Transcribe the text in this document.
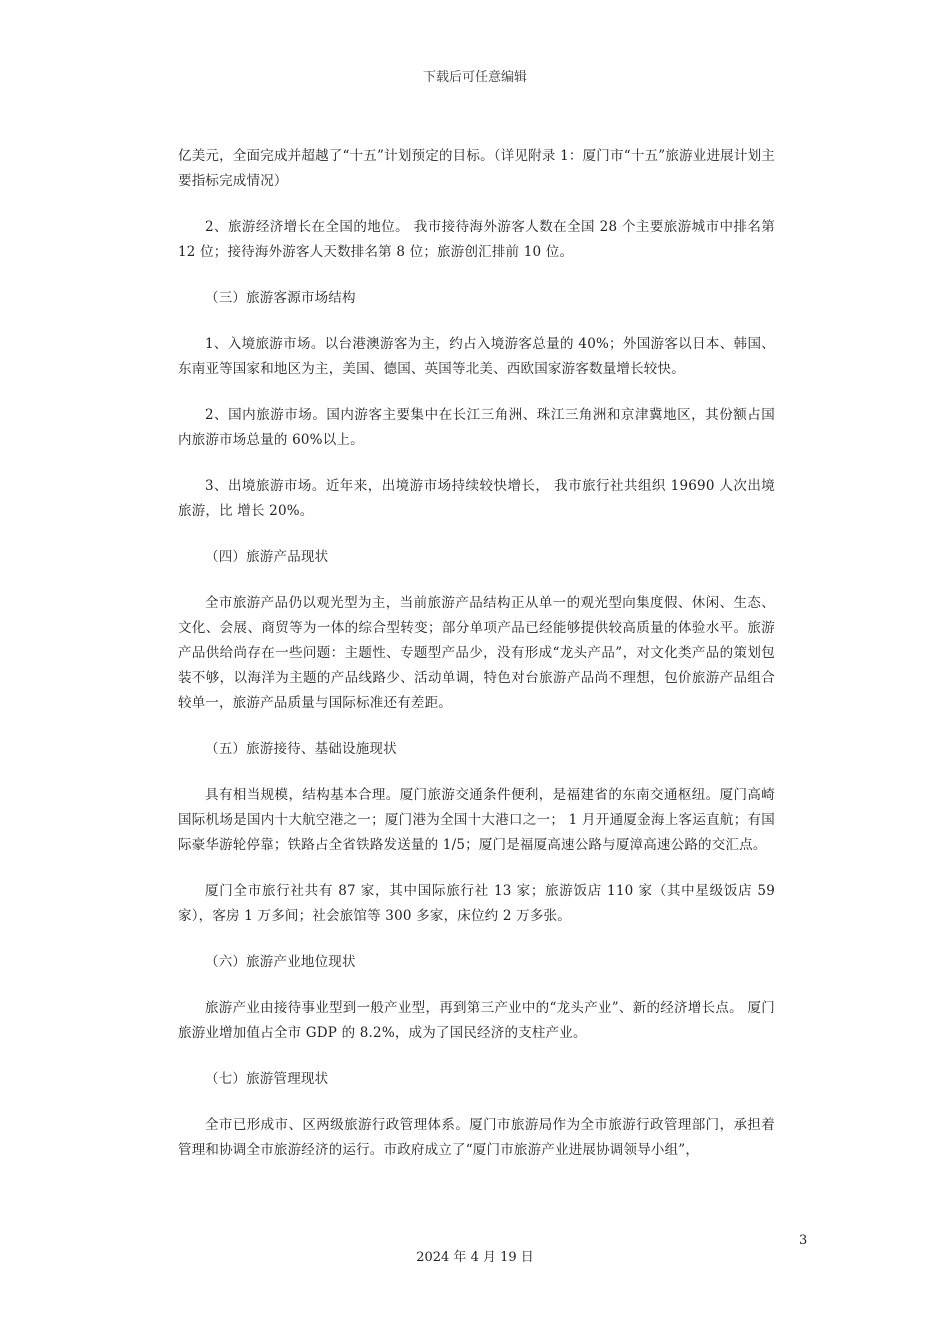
下载后可任意编辑

亿美元，全面完成并超越了“十五”计划预定的目标。（详见附录 1：厦门市“十五”旅游业进展计划主要指标完成情况）

2、旅游经济增长在全国的地位。 我市接待海外游客人数在全国 28 个主要旅游城市中排名第 12 位；接待海外游客人天数排名第 8 位；旅游创汇排前 10 位。

（三）旅游客源市场结构

1、入境旅游市场。以台港澳游客为主，约占入境游客总量的 40%；外国游客以日本、韩国、东南亚等国家和地区为主，美国、德国、英国等北美、西欧国家游客数量增长较快。

2、国内旅游市场。国内游客主要集中在长江三角洲、珠江三角洲和京津冀地区，其份额占国内旅游市场总量的 60%以上。

3、出境旅游市场。近年来，出境游市场持续较快增长， 我市旅行社共组织 19690 人次出境旅游，比 增长 20%。

（四）旅游产品现状

全市旅游产品仍以观光型为主，当前旅游产品结构正从单一的观光型向集度假、休闲、生态、文化、会展、商贸等为一体的综合型转变；部分单项产品已经能够提供较高质量的体验水平。旅游产品供给尚存在一些问题：主题性、专题型产品少，没有形成“龙头产品”，对文化类产品的策划包装不够，以海洋为主题的产品线路少、活动单调，特色对台旅游产品尚不理想，包价旅游产品组合较单一，旅游产品质量与国际标准还有差距。

（五）旅游接待、基础设施现状

具有相当规模，结构基本合理。厦门旅游交通条件便利，是福建省的东南交通枢纽。厦门高崎国际机场是国内十大航空港之一；厦门港为全国十大港口之一； 1 月开通厦金海上客运直航；有国际豪华游轮停靠；铁路占全省铁路发送量的 1/5；厦门是福厦高速公路与厦漳高速公路的交汇点。

厦门全市旅行社共有 87 家，其中国际旅行社 13 家；旅游饭店 110 家（其中星级饭店 59 家），客房 1 万多间；社会旅馆等 300 多家，床位约 2 万多张。

（六）旅游产业地位现状

旅游产业由接待事业型到一般产业型，再到第三产业中的“龙头产业”、新的经济增长点。 厦门旅游业增加值占全市 GDP 的 8.2%，成为了国民经济的支柱产业。

（七）旅游管理现状

全市已形成市、区两级旅游行政管理体系。厦门市旅游局作为全市旅游行政管理部门，承担着管理和协调全市旅游经济的运行。市政府成立了“厦门市旅游产业进展协调领导小组”，

3
2024 年 4 月 19 日
